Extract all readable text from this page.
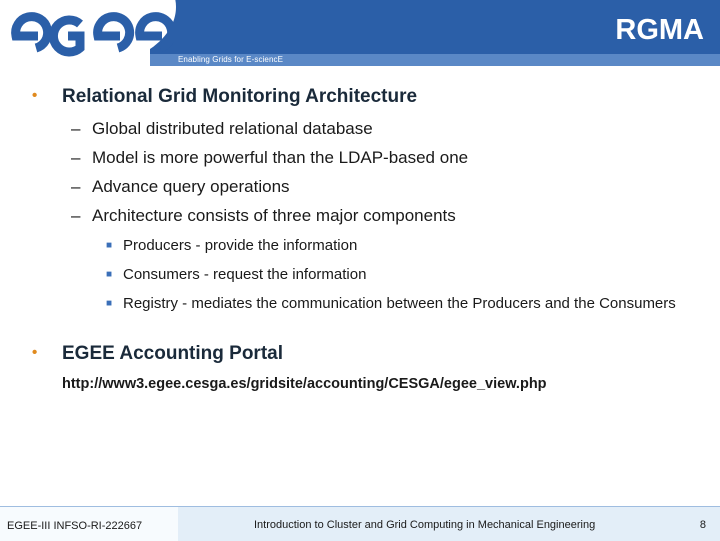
Enabling Grids for E-sciencE
RGMA
• Relational Grid Monitoring Architecture
– Global distributed relational database
– Model is more powerful than the LDAP-based one
– Advance query operations
– Architecture consists of three major components
■ Producers - provide the information
■ Consumers - request the information
■ Registry - mediates the communication between the Producers and the Consumers
• EGEE Accounting Portal
http://www3.egee.cesga.es/gridsite/accounting/CESGA/egee_view.php
EGEE-III INFSO-RI-222667	Introduction to Cluster and Grid Computing in Mechanical Engineering	8
